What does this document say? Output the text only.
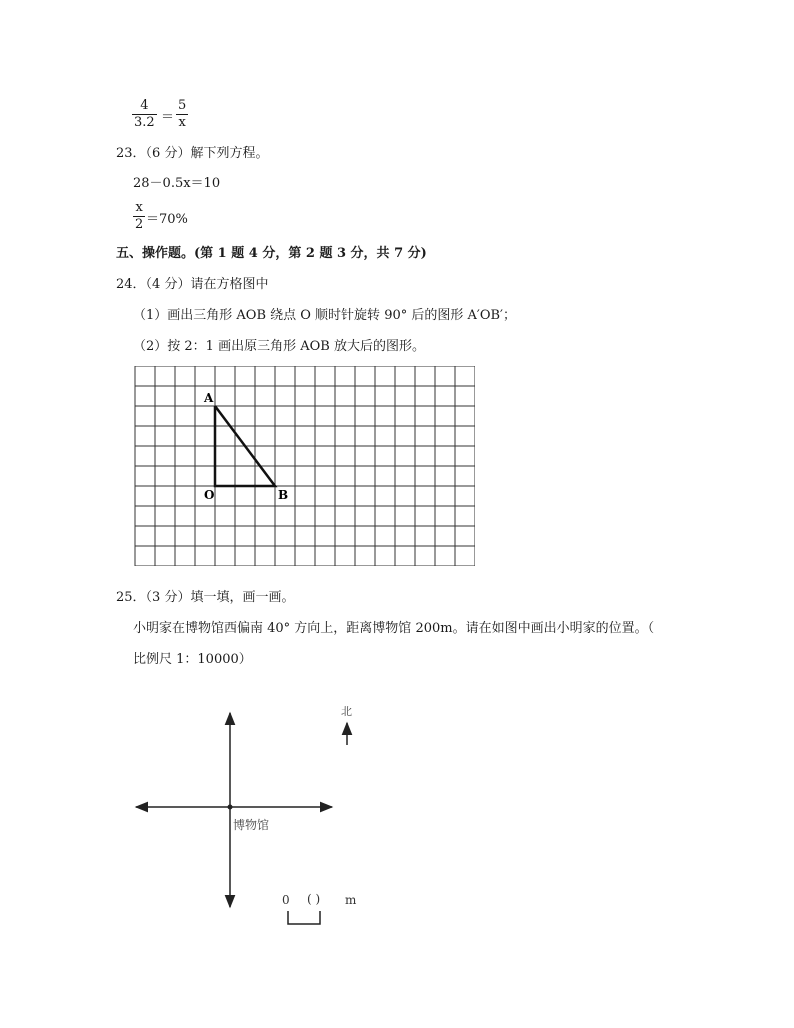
$\frac{4}{3.2} = \frac{5}{x}$
23．（6 分）解下列方程。
28－0.5x＝10
$\frac{x}{2} =70\%$
五、操作题。(第 1 题 4 分，第 2 题 3 分，共 7 分)
24．（4 分）请在方格图中
（1）画出三角形 AOB 绕点 O 顺时针旋转 90° 后的图形 A′OB′；
（2）按 2：1 画出原三角形 AOB 放大后的图形。
A
O	B
25．（3 分）填一填，画一画。
小明家在博物馆西偏南 40° 方向上，距离博物馆 200m。请在如图中画出小明家的位置。（
比例尺 1：10000）
博物馆
北
0 ( ) m
